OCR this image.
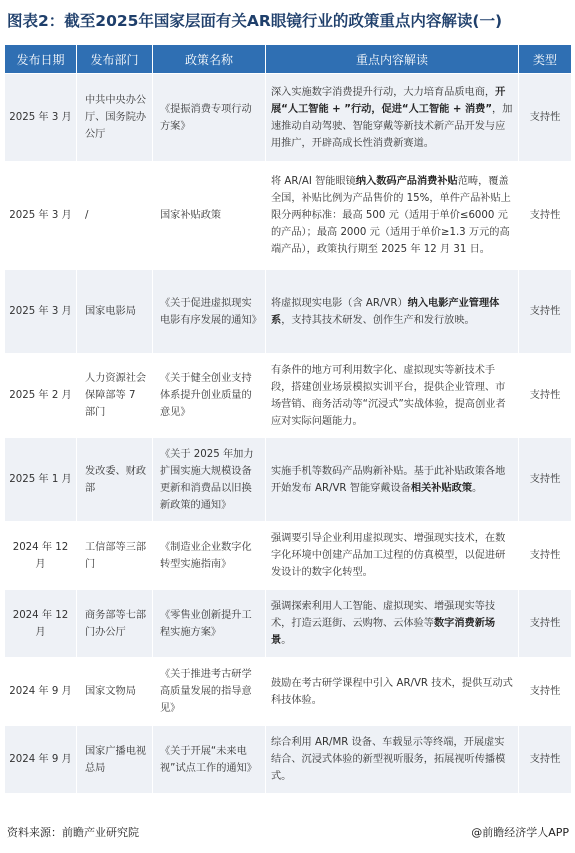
图表2：截至2025年国家层面有关AR眼镜行业的政策重点内容解读(一)
发布日期	发布部门	政策名称	重点内容解读	类型
2025 年 3 月	中共中央办公厅、国务院办公厅	《提振消费专项行动方案》	深入实施数字消费提升行动，大力培育品质电商，开展“人工智能 + ”行动，促进“人工智能 + 消费”，加速推动自动驾驶、智能穿戴等新技术新产品开发与应用推广，开辟高成长性消费新赛道。	支持性
2025 年 3 月	/	国家补贴政策	将 AR/AI 智能眼镜纳入数码产品消费补贴范畴，覆盖全国，补贴比例为产品售价的 15%，单件产品补贴上限分两种标准：最高 500 元（适用于单价≤6000 元的产品）；最高 2000 元（适用于单价≥1.3 万元的高端产品），政策执行期至 2025 年 12 月 31 日。	支持性
2025 年 3 月	国家电影局	《关于促进虚拟现实电影有序发展的通知》	将虚拟现实电影（含 AR/VR）纳入电影产业管理体系，支持其技术研发、创作生产和发行放映。	支持性
2025 年 2 月	人力资源社会保障部等 7 部门	《关于健全创业支持体系提升创业质量的意见》	有条件的地方可利用数字化、虚拟现实等新技术手段，搭建创业场景模拟实训平台，提供企业管理、市场营销、商务活动等“沉浸式”实战体验，提高创业者应对实际问题能力。	支持性
2025 年 1 月	发改委、财政部	《关于 2025 年加力扩围实施大规模设备更新和消费品以旧换新政策的通知》	实施手机等数码产品购新补贴。基于此补贴政策各地开始发布 AR/VR 智能穿戴设备相关补贴政策。	支持性
2024 年 12 月	工信部等三部门	《制造业企业数字化转型实施指南》	强调要引导企业利用虚拟现实、增强现实技术，在数字化环境中创建产品加工过程的仿真模型，以促进研发设计的数字化转型。	支持性
2024 年 12 月	商务部等七部门办公厅	《零售业创新提升工程实施方案》	强调探索利用人工智能、虚拟现实、增强现实等技术，打造云逛街、云购物、云体验等数字消费新场景。	支持性
2024 年 9 月	国家文物局	《关于推进考古研学高质量发展的指导意见》	鼓励在考古研学课程中引入 AR/VR 技术，提供互动式科技体验。	支持性
2024 年 9 月	国家广播电视总局	《关于开展“未来电视”试点工作的通知》	综合利用 AR/MR 设备、车载显示等终端，开展虚实结合、沉浸式体验的新型视听服务，拓展视听传播模式。	支持性
资料来源：前瞻产业研究院	@前瞻经济学人APP
